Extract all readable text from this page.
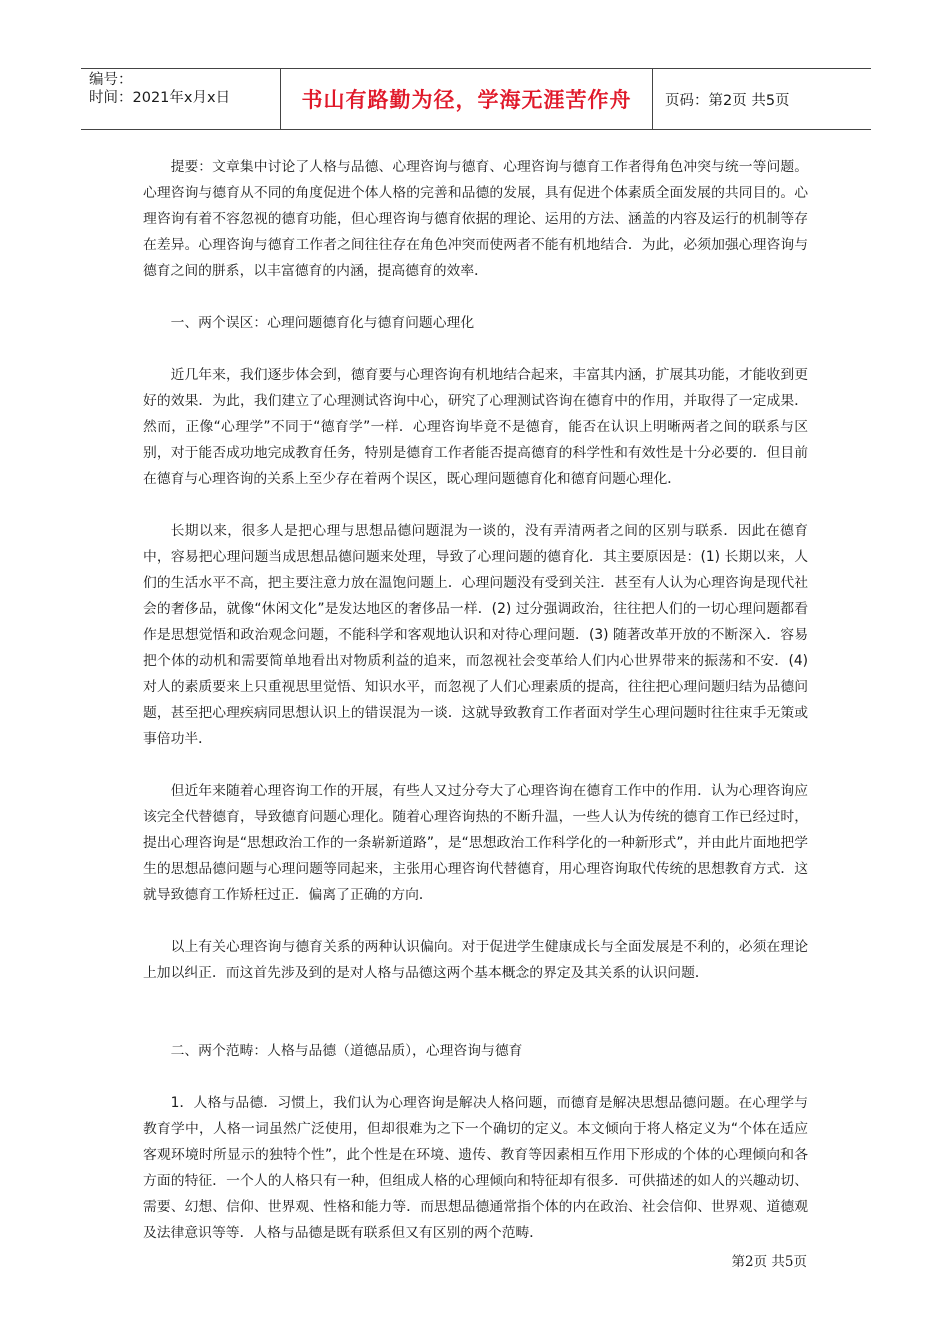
编号：
时间：2021年x月x日	书山有路勤为径，学海无涯苦作舟 页码：第2页 共5页

提要：文章集中讨论了人格与品德、心理咨询与德育、心理咨询与德育工作者得角色冲突与统一等问题。心理咨询与德育从不同的角度促进个体人格的完善和品德的发展，具有促进个体素质全面发展的共同目的。心理咨询有着不容忽视的德育功能，但心理咨询与德育依据的理论、运用的方法、涵盖的内容及运行的机制等存在差异。心理咨询与德育工作者之间往往存在角色冲突而使两者不能有机地结合．为此，必须加强心理咨询与德育之间的胼系，以丰富德育的内涵，提高德育的效率．

一、两个误区：心理问题德育化与德育问题心理化

近几年来，我们逐步体会到，德育要与心理咨询有机地结合起来，丰富其内涵，扩展其功能，才能收到更好的效果．为此，我们建立了心理测试咨询中心，研究了心理测试咨询在德育中的作用，并取得了一定成果．然而，正像“心理学”不同于“德育学”一样．心理咨询毕竟不是德育，能否在认识上明晰两者之间的联系与区别，对于能否成功地完成教育任务，特别是德育工作者能否提高德育的科学性和有效性是十分必要的．但目前在德育与心理咨询的关系上至少存在着两个误区，既心理问题德育化和德育问题心理化．

长期以来，很多人是把心理与思想品德问题混为一谈的，没有弄清两者之间的区别与联系．因此在德育中，容易把心理问题当成思想品德问题来处理，导致了心理问题的德育化．其主要原因是：(1) 长期以来，人们的生活水平不高，把主要注意力放在温饱问题上．心理问题没有受到关注．甚至有人认为心理咨询是现代社会的奢侈品，就像“休闲文化”是发达地区的奢侈品一样．(2) 过分强调政治，往往把人们的一切心理问题都看作是思想觉悟和政治观念问题，不能科学和客观地认识和对待心理问题．(3) 随著改革开放的不断深入．容易把个体的动机和需要简单地看出对物质利益的追来，而忽视社会变革给人们内心世界带来的振荡和不安．(4) 对人的素质要来上只重视思里觉悟、知识水平，而忽视了人们心理素质的提高，往往把心理问题归结为品德问题，甚至把心理疾病同思想认识上的错误混为一谈．这就导致教育工作者面对学生心理问题时往往束手无策或事倍功半．

但近年来随着心理咨询工作的开展，有些人又过分夸大了心理咨询在德育工作中的作用．认为心理咨询应该完全代替德育，导致德育问题心理化。随着心理咨询热的不断升温，一些人认为传统的德育工作已经过时，提出心理咨询是“思想政治工作的一条崭新道路”，是“思想政治工作科学化的一种新形式”，并由此片面地把学生的思想品德问题与心理问题等同起来，主张用心理咨询代替德育，用心理咨询取代传统的思想教育方式．这就导致德育工作矫枉过正．偏离了正确的方向．

以上有关心理咨询与德育关系的两种认识偏向。对于促进学生健康成长与全面发展是不利的，必须在理论上加以纠正．而这首先涉及到的是对人格与品德这两个基本概念的界定及其关系的认识问题．

二、两个范畴：人格与品德（道德品质），心理咨询与德育

1．人格与品德．习惯上，我们认为心理咨询是解决人格问题，而德育是解决思想品德问题。在心理学与教育学中，人格一词虽然广泛使用，但却很难为之下一个确切的定义。本文倾向于将人格定义为“个体在适应客观环境时所显示的独特个性”，此个性是在环境、遗传、教育等因素相互作用下形成的个体的心理倾向和各方面的特征．一个人的人格只有一种，但组成人格的心理倾向和特征却有很多．可供描述的如人的兴趣动切、需要、幻想、信仰、世界观、性格和能力等．而思想品德通常指个体的内在政治、社会信仰、世界观、道德观及法律意识等等．人格与品德是既有联系但又有区别的两个范畴．

第2页 共5页
